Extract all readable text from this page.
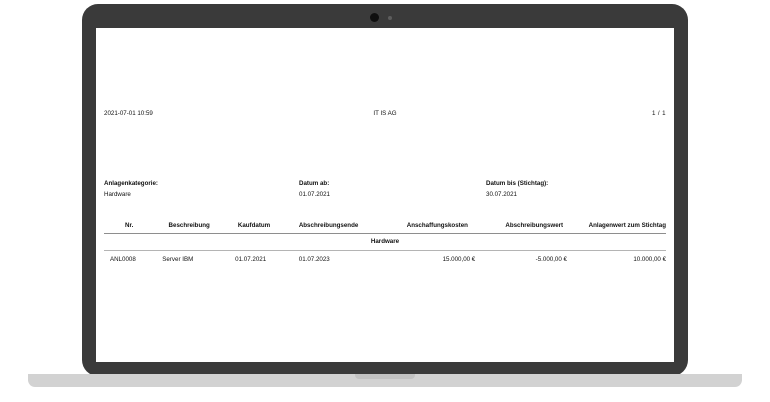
2021-07-01 10:59	IT IS AG	1 / 1
Anlagenkategorie:
Hardware
Datum ab:
01.07.2021
Datum bis (Stichtag):
30.07.2021
Nr.	Beschreibung	Kaufdatum	Abschreibungsende	Anschaffungskosten	Abschreibungswert	Anlagenwert zum Stichtag
Hardware
ANL0008	Server IBM	01.07.2021	01.07.2023	15.000,00 €	-5.000,00 €	10.000,00 €
